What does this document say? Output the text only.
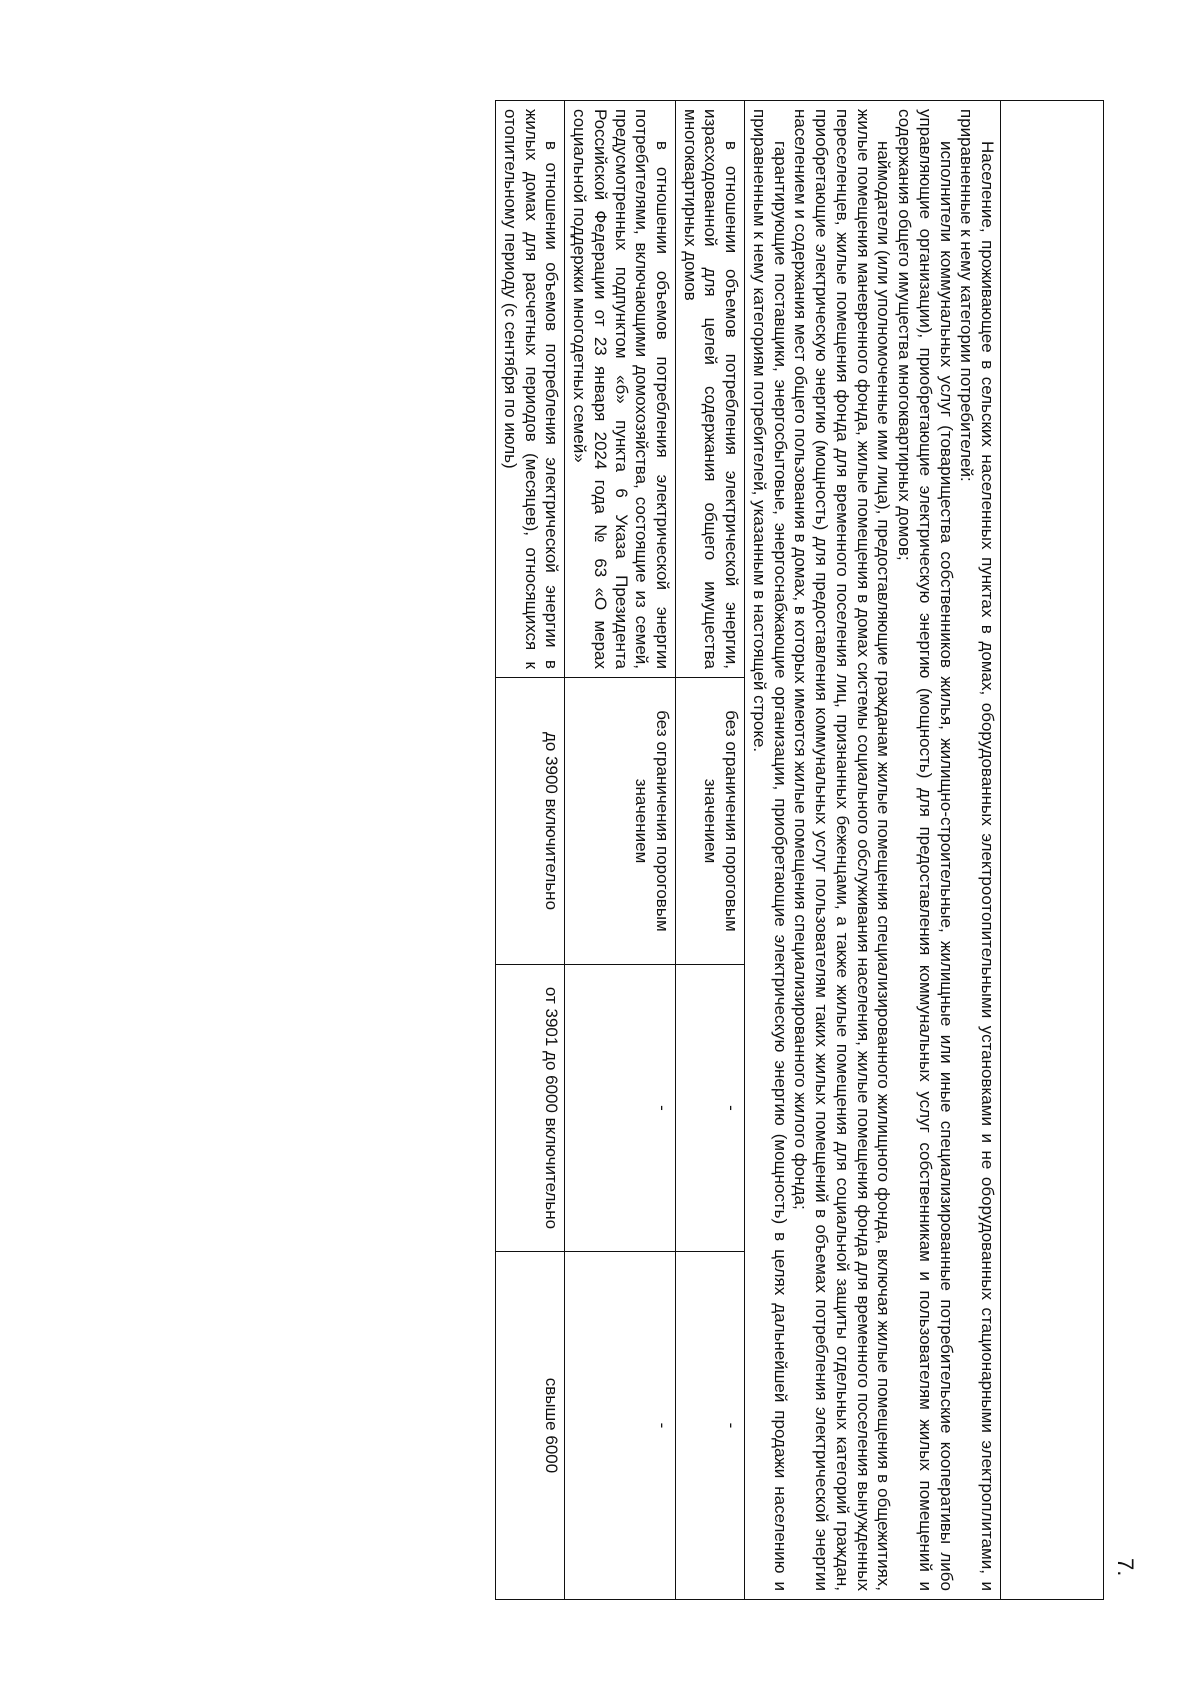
7.

Население, проживающее в сельских населенных пунктах в домах, оборудованных электроотопительными установками и не оборудованных стационарными электроплитами, и приравненные к нему категории потребителей:

исполнители коммунальных услуг (товарищества собственников жилья, жилищно-строительные, жилищные или иные специализированные потребительские кооперативы либо управляющие организации), приобретающие электрическую энергию (мощность) для предоставления коммунальных услуг собственникам и пользователям жилых помещений и содержания общего имущества многоквартирных домов;

наймодатели (или уполномоченные ими лица), предоставляющие гражданам жилые помещения специализированного жилищного фонда, включая жилые помещения в общежитиях, жилые помещения маневренного фонда, жилые помещения в домах системы социального обслуживания населения, жилые помещения фонда для временного поселения вынужденных переселенцев, жилые помещения фонда для временного поселения лиц, признанных беженцами, а также жилые помещения для социальной защиты отдельных категорий граждан, приобретающие электрическую энергию (мощность) для предоставления коммунальных услуг пользователям таких жилых помещений в объемах потребления электрической энергии населением и содержания мест общего пользования в домах, в которых имеются жилые помещения специализированного жилого фонда;

гарантирующие поставщики, энергосбытовые, энергоснабжающие организации, приобретающие электрическую энергию (мощность) в целях дальнейшей продажи населению и приравненным к нему категориям потребителей, указанным в настоящей строке.			

в отношении объемов потребления электрической энергии, израсходованной для целей содержания общего имущества многоквартирных домов	без ограничения пороговым значением	-	-

в отношении объемов потребления электрической энергии потребителями, включающими домохозяйства, состоящие из семей, предусмотренных подпунктом «б» пункта 6 Указа Президента Российской Федерации от 23 января 2024 года № 63 «О мерах социальной поддержки многодетных семей»	без ограничения пороговым значением	-	-

в отношении объемов потребления электрической энергии в жилых домах для расчетных периодов (месяцев), относящихся к отопительному периоду (с сентября по июль)	до 3900 включительно	от 3901 до 6000 включительно	свыше 6000
